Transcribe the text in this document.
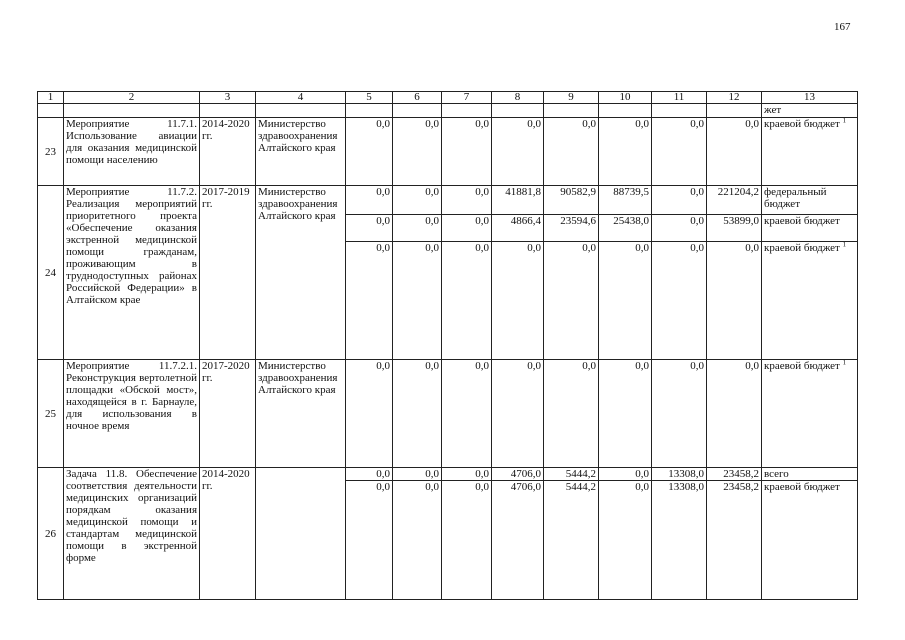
167
1	2	3	4	5	6	7	8	9	10	11	12	13
												жет
23	Мероприятие 11.7.1. Использование авиации для оказания медицинской помощи населению	2014-2020 гг.	Министерство здравоохранения Алтайского края	0,0	0,0	0,0	0,0	0,0	0,0	0,0	0,0	краевой бюджет $^1$
24	Мероприятие 11.7.2. Реализация мероприятий приоритетного проекта «Обеспечение оказания экстренной медицинской помощи гражданам, проживающим в труднодоступных районах Российской Федерации» в Алтайском крае	2017-2019 гг.	Министерство здравоохранения Алтайского края	0,0	0,0	0,0	41881,8	90582,9	88739,5	0,0	221204,2	федеральный бюджет
				0,0	0,0	0,0	4866,4	23594,6	25438,0	0,0	53899,0	краевой бюджет
				0,0	0,0	0,0	0,0	0,0	0,0	0,0	0,0	краевой бюджет $^1$
25	Мероприятие 11.7.2.1. Реконструкция вертолетной площадки «Обской мост», находящейся в г. Барнауле, для использования в ночное время	2017-2020 гг.	Министерство здравоохранения Алтайского края	0,0	0,0	0,0	0,0	0,0	0,0	0,0	0,0	краевой бюджет $^1$
26	Задача 11.8. Обеспечение соответствия деятельности медицинских организаций порядкам оказания медицинской помощи и стандартам медицинской помощи в экстренной форме	2014-2020 гг.		0,0	0,0	0,0	4706,0	5444,2	0,0	13308,0	23458,2	всего
				0,0	0,0	0,0	4706,0	5444,2	0,0	13308,0	23458,2	краевой бюджет
